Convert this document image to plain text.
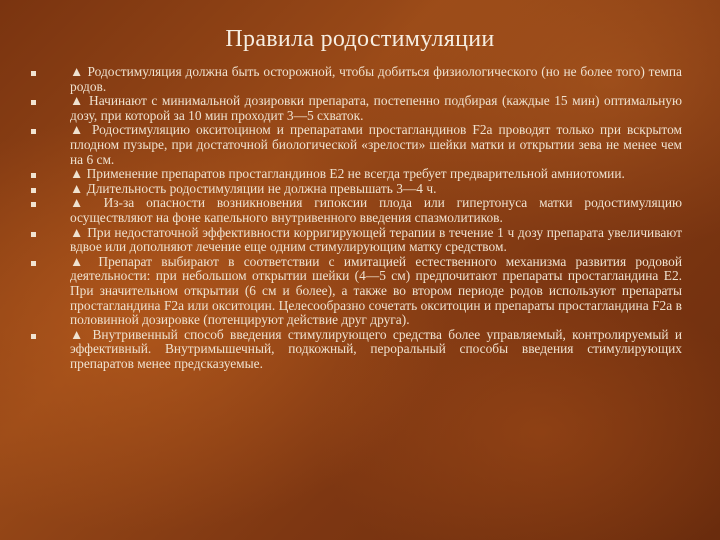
Правила родостимуляции
▲ Родостимуляция должна быть осторожной, чтобы добиться физиологического (но не более того) темпа родов.
▲ Начинают с минимальной дозировки препарата, постепенно подбирая (каждые 15 мин) оптимальную дозу, при которой за 10 мин проходит 3—5 схваток.
▲ Родостимуляцию окситоцином и препаратами простагландинов F2a проводят только при вскрытом плодном пузыре, при достаточной биологической «зрелости» шейки матки и открытии зева не менее чем на 6 см.
▲ Применение препаратов простагландинов E2 не всегда требует предварительной амниотомии.
▲ Длительность родостимуляции не должна превышать 3—4 ч.
▲ Из-за опасности возникновения гипоксии плода или гипертонуса матки родостимуляцию осуществляют на фоне капельного внутривенного введения спазмолитиков.
▲ При недостаточной эффективности корригирующей терапии в течение 1 ч дозу препарата увеличивают вдвое или дополняют лечение еще одним стимулирующим матку средством.
▲ Препарат выбирают в соответствии с имитацией естественного механизма развития родовой деятельности: при небольшом открытии шейки (4—5 см) предпочитают препараты простагландина E2. При значительном открытии (6 см и более), а также во втором периоде родов используют препараты простагландина F2a или окситоцин. Целесообразно сочетать окситоцин и препараты простагландина F2a в половинной дозировке (потенцируют действие друг друга).
▲ Внутривенный способ введения стимулирующего средства более управляемый, контролируемый и эффективный. Внутримышечный, подкожный, пероральный способы введения стимулирующих препаратов менее предсказуемые.
